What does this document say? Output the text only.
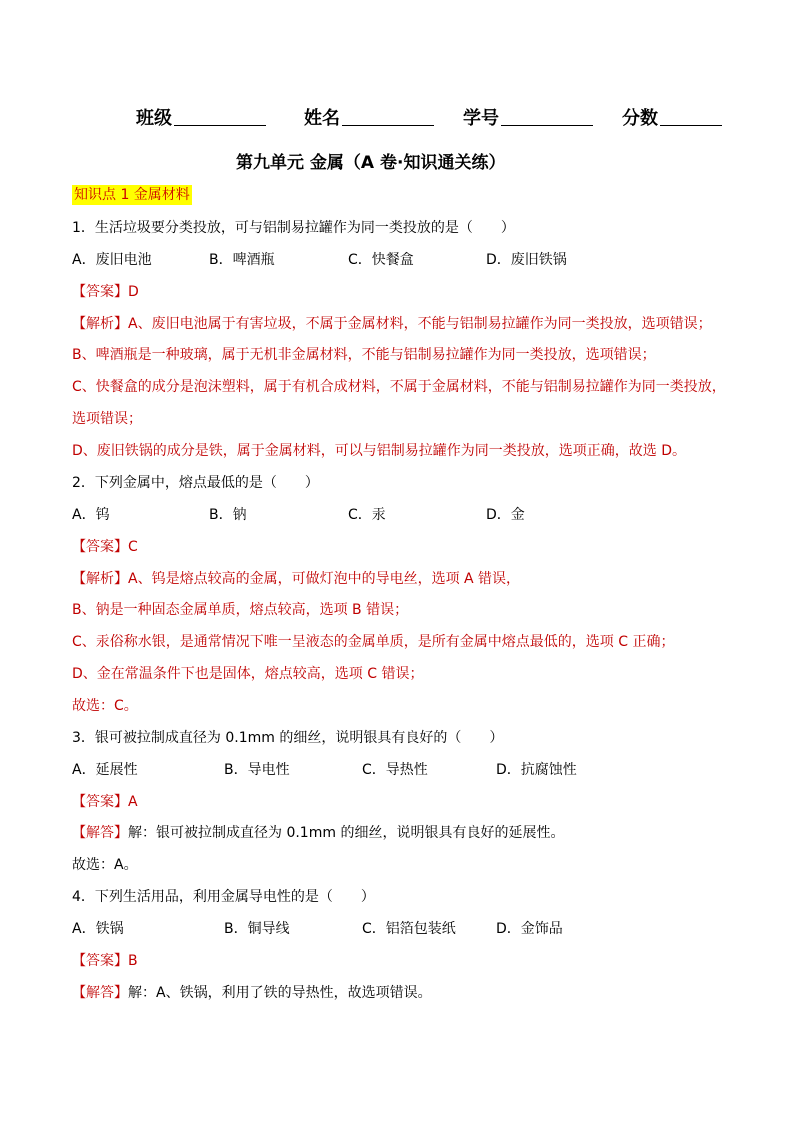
班级	姓名	学号	分数
第九单元 金属（A 卷·知识通关练）
知识点 1 金属材料
1．生活垃圾要分类投放，可与铝制易拉罐作为同一类投放的是（　　）
A．废旧电池	B．啤酒瓶	C．快餐盒	D．废旧铁锅
【答案】D
【解析】A、废旧电池属于有害垃圾，不属于金属材料，不能与铝制易拉罐作为同一类投放，选项错误；
B、啤酒瓶是一种玻璃，属于无机非金属材料，不能与铝制易拉罐作为同一类投放，选项错误；
C、快餐盒的成分是泡沫塑料，属于有机合成材料，不属于金属材料，不能与铝制易拉罐作为同一类投放，
选项错误；
D、废旧铁锅的成分是铁，属于金属材料，可以与铝制易拉罐作为同一类投放，选项正确，故选 D。
2．下列金属中，熔点最低的是（　　）
A．钨	B．钠	C．汞	D．金
【答案】C
【解析】A、钨是熔点较高的金属，可做灯泡中的导电丝，选项 A 错误，
B、钠是一种固态金属单质，熔点较高，选项 B 错误；
C、汞俗称水银，是通常情况下唯一呈液态的金属单质，是所有金属中熔点最低的，选项 C 正确；
D、金在常温条件下也是固体，熔点较高，选项 C 错误；
故选：C。
3．银可被拉制成直径为 0.1mm 的细丝，说明银具有良好的（　　）
A．延展性	B．导电性	C．导热性	D．抗腐蚀性
【答案】A
【解答】解：银可被拉制成直径为 0.1mm 的细丝，说明银具有良好的延展性。
故选：A。
4．下列生活用品，利用金属导电性的是（　　）
A．铁锅	B．铜导线	C．铝箔包装纸	D．金饰品
【答案】B
【解答】解：A、铁锅，利用了铁的导热性，故选项错误。
